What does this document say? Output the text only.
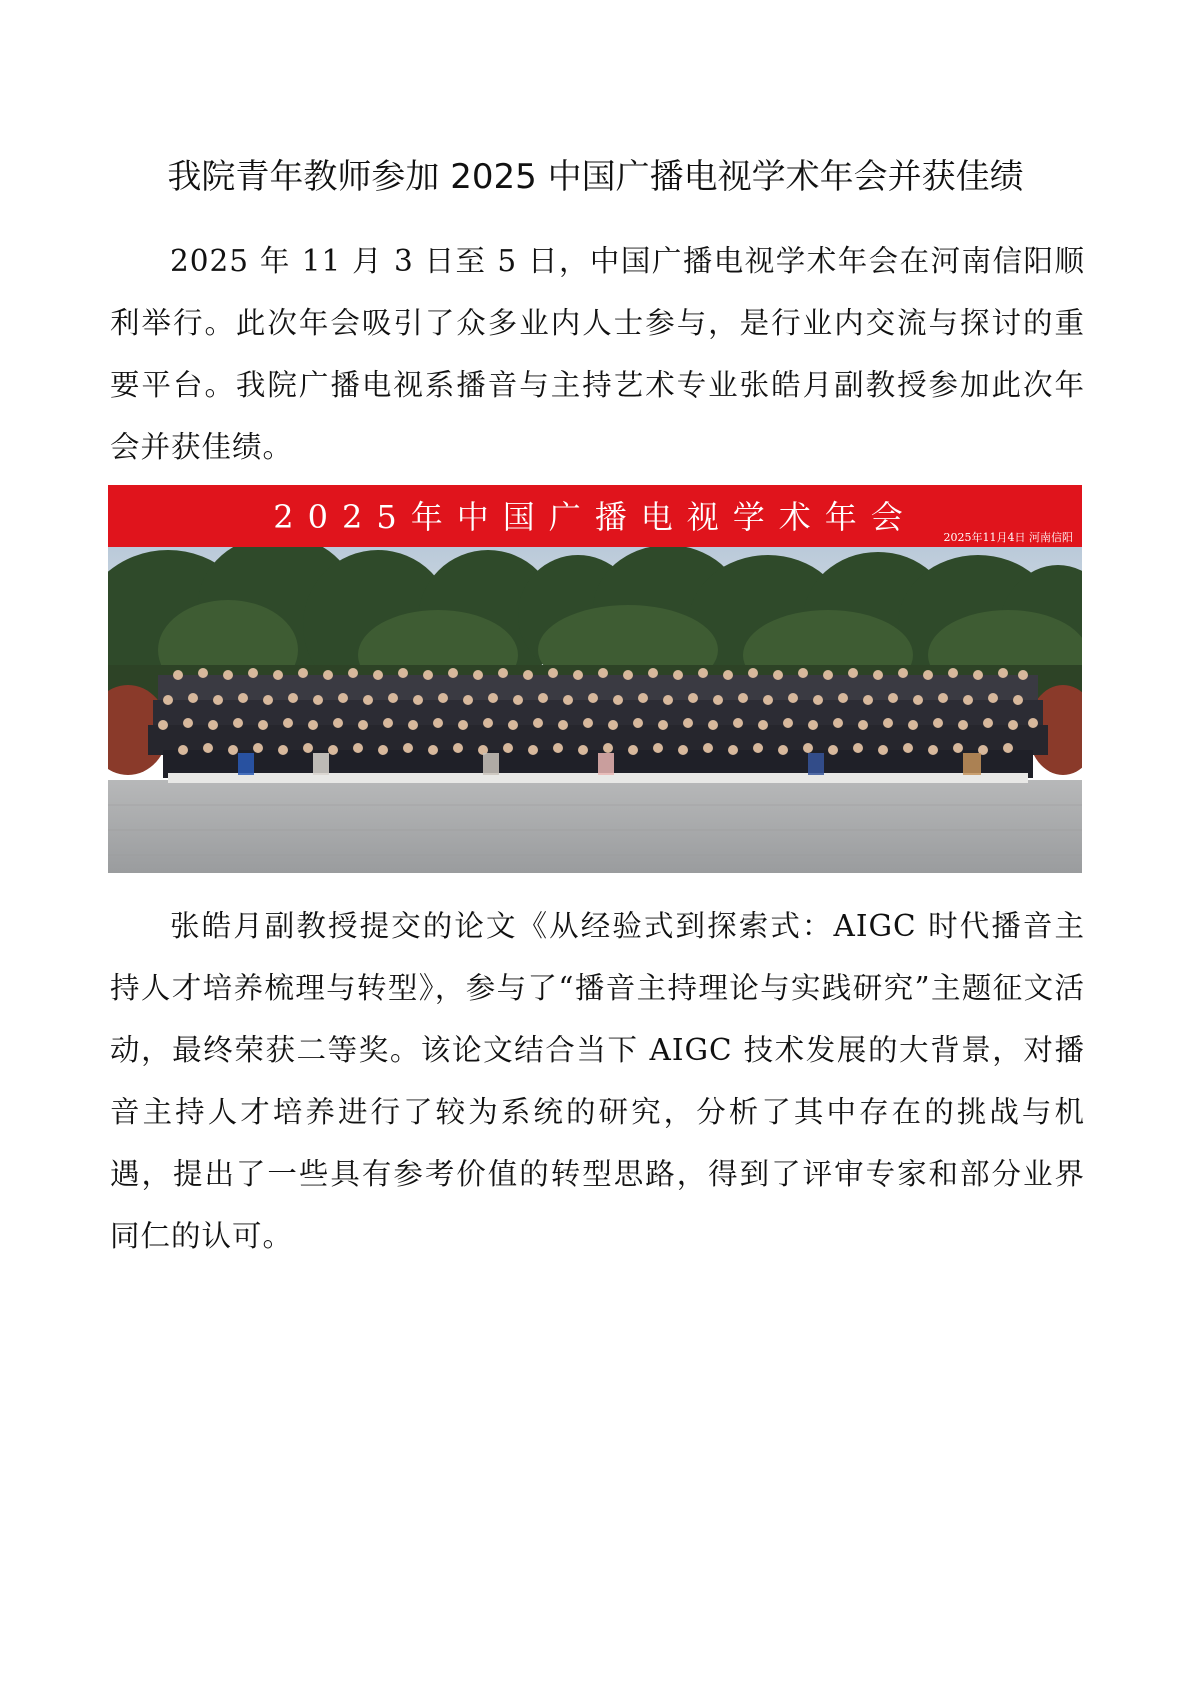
我院青年教师参加 2025 中国广播电视学术年会并获佳绩

2025 年 11 月 3 日至 5 日，中国广播电视学术年会在河南信阳顺利举行。此次年会吸引了众多业内人士参与，是行业内交流与探讨的重要平台。我院广播电视系播音与主持艺术专业张皓月副教授参加此次年会并获佳绩。

2025年中国广播电视学术年会
2025年11月4日 河南信阳

张皓月副教授提交的论文《从经验式到探索式：AIGC 时代播音主持人才培养梳理与转型》，参与了“播音主持理论与实践研究”主题征文活动，最终荣获二等奖。该论文结合当下 AIGC 技术发展的大背景，对播音主持人才培养进行了较为系统的研究，分析了其中存在的挑战与机遇，提出了一些具有参考价值的转型思路，得到了评审专家和部分业界同仁的认可。
